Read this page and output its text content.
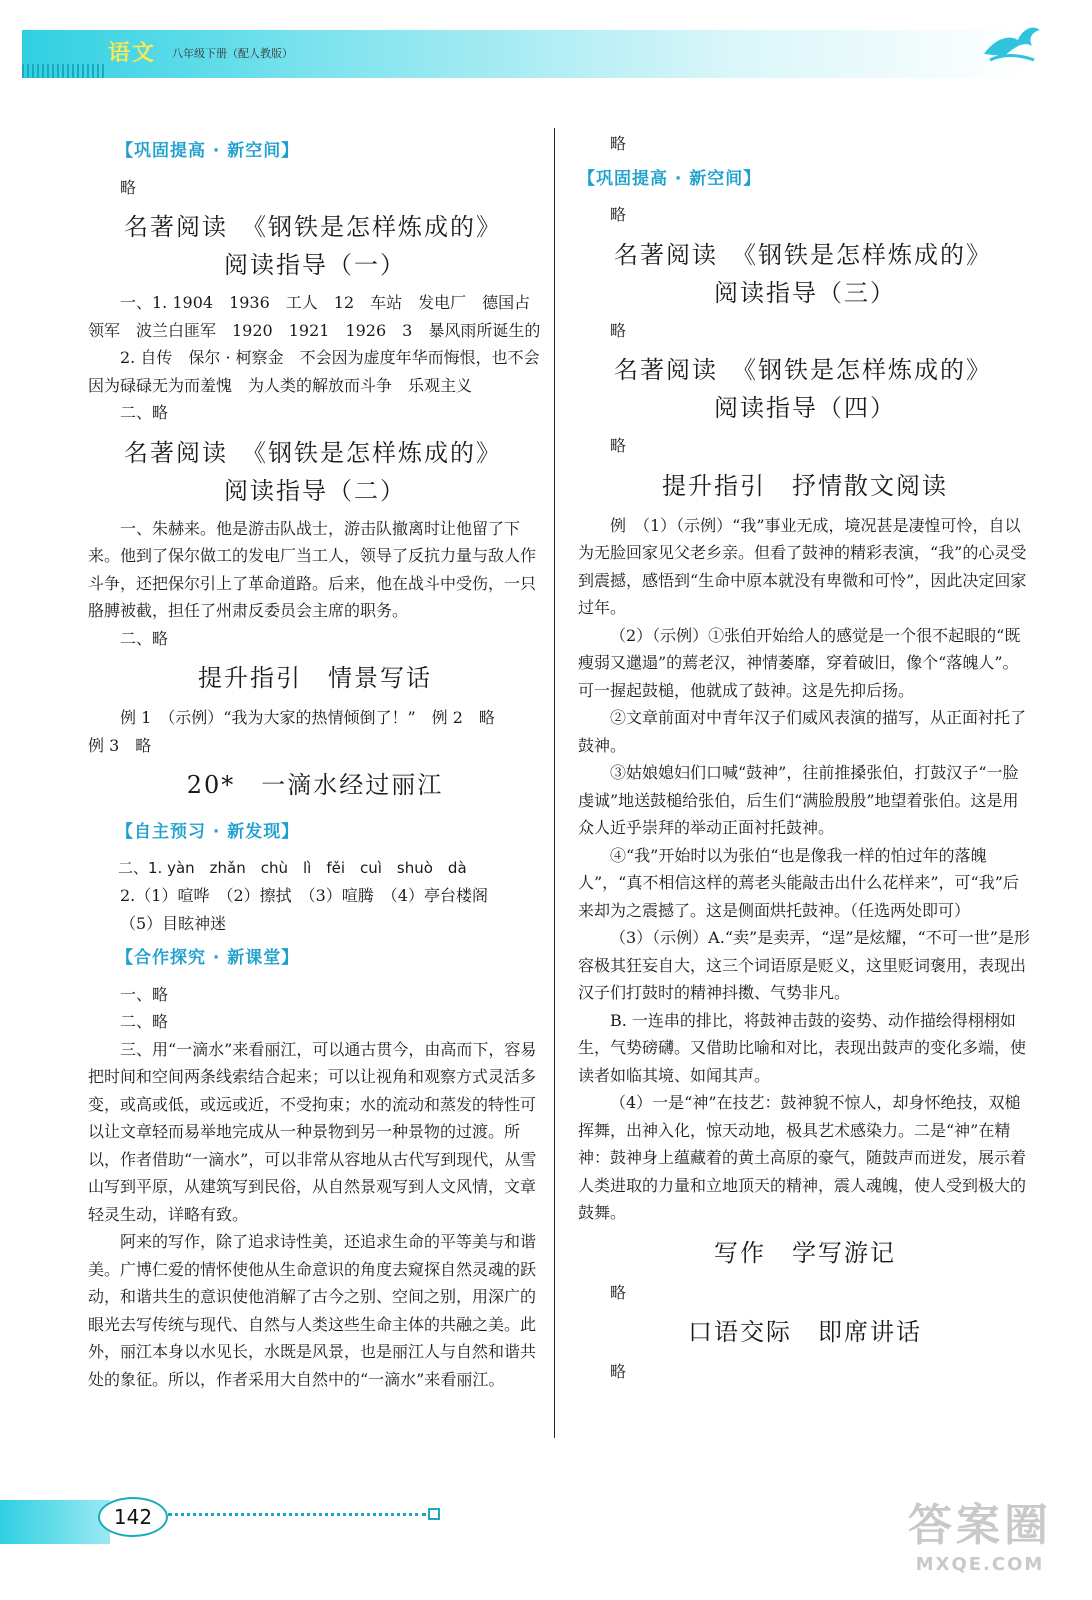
语文 八年级下册（配人教版）
【巩固提高 · 新空间】

略

名著阅读　《钢铁是怎样炼成的》
阅读指导（一）

一、1. 1904　1936　工人　12　车站　发电厂　德国占领军　波兰白匪军　1920　1921　1926　3　暴风雨所诞生的

2. 自传　保尔 · 柯察金　不会因为虚度年华而悔恨，也不会因为碌碌无为而羞愧　为人类的解放而斗争　乐观主义

二、略

名著阅读　《钢铁是怎样炼成的》
阅读指导（二）

一、朱赫来。他是游击队战士，游击队撤离时让他留了下来。他到了保尔做工的发电厂当工人，领导了反抗力量与敌人作斗争，还把保尔引上了革命道路。后来，他在战斗中受伤，一只胳膊被截，担任了州肃反委员会主席的职务。

二、略

提升指引　情景写话

例 1　（示例）“我为大家的热情倾倒了！”　例 2　略

例 3　略

20*　一滴水经过丽江
【自主预习 · 新发现】

二、1. yàn　zhǎn　chù　lì　fěi　cuì　shuò　dà

2.（1）喧哗　（2）擦拭　（3）喧腾　（4）亭台楼阁

（5）目眩神迷

【合作探究 · 新课堂】

一、略

二、略

三、用“一滴水”来看丽江，可以通古贯今，由高而下，容易把时间和空间两条线索结合起来；可以让视角和观察方式灵活多变，或高或低，或远或近，不受拘束；水的流动和蒸发的特性可以让文章轻而易举地完成从一种景物到另一种景物的过渡。所以，作者借助“一滴水”，可以非常从容地从古代写到现代，从雪山写到平原，从建筑写到民俗，从自然景观写到人文风情，文章轻灵生动，详略有致。

阿来的写作，除了追求诗性美，还追求生命的平等美与和谐美。广博仁爱的情怀使他从生命意识的角度去窥探自然灵魂的跃动，和谐共生的意识使他消解了古今之别、空间之别，用深广的眼光去写传统与现代、自然与人类这些生命主体的共融之美。此外，丽江本身以水见长，水既是风景，也是丽江人与自然和谐共处的象征。所以，作者采用大自然中的“一滴水”来看丽江。

略

【巩固提高 · 新空间】

略

名著阅读　《钢铁是怎样炼成的》
阅读指导（三）

略

名著阅读　《钢铁是怎样炼成的》
阅读指导（四）

略

提升指引　抒情散文阅读

例　（1）（示例）“我”事业无成，境况甚是凄惶可怜，自以为无脸回家见父老乡亲。但看了鼓神的精彩表演，“我”的心灵受到震撼，感悟到“生命中原本就没有卑微和可怜”，因此决定回家过年。

（2）（示例）①张伯开始给人的感觉是一个很不起眼的“既瘦弱又邋遢”的蔫老汉，神情萎靡，穿着破旧，像个“落魄人”。可一握起鼓槌，他就成了鼓神。这是先抑后扬。

②文章前面对中青年汉子们威风表演的描写，从正面衬托了鼓神。

③姑娘媳妇们口喊“鼓神”，往前推搡张伯，打鼓汉子“一脸虔诚”地送鼓槌给张伯，后生们“满脸殷殷”地望着张伯。这是用众人近乎崇拜的举动正面衬托鼓神。

④“我”开始时以为张伯“也是像我一样的怕过年的落魄人”，“真不相信这样的蔫老头能敲击出什么花样来”，可“我”后来却为之震撼了。这是侧面烘托鼓神。（任选两处即可）

（3）（示例）A.“卖”是卖弄，“逞”是炫耀，“不可一世”是形容极其狂妄自大，这三个词语原是贬义，这里贬词褒用，表现出汉子们打鼓时的精神抖擞、气势非凡。

B. 一连串的排比，将鼓神击鼓的姿势、动作描绘得栩栩如生，气势磅礴。又借助比喻和对比，表现出鼓声的变化多端，使读者如临其境、如闻其声。

（4）一是“神”在技艺：鼓神貌不惊人，却身怀绝技，双槌挥舞，出神入化，惊天动地，极具艺术感染力。二是“神”在精神：鼓神身上蕴藏着的黄土高原的豪气，随鼓声而迸发，展示着人类进取的力量和立地顶天的精神，震人魂魄，使人受到极大的鼓舞。

写作　学写游记

略

口语交际　即席讲话

略

142	答案圈
MXQE.COM
